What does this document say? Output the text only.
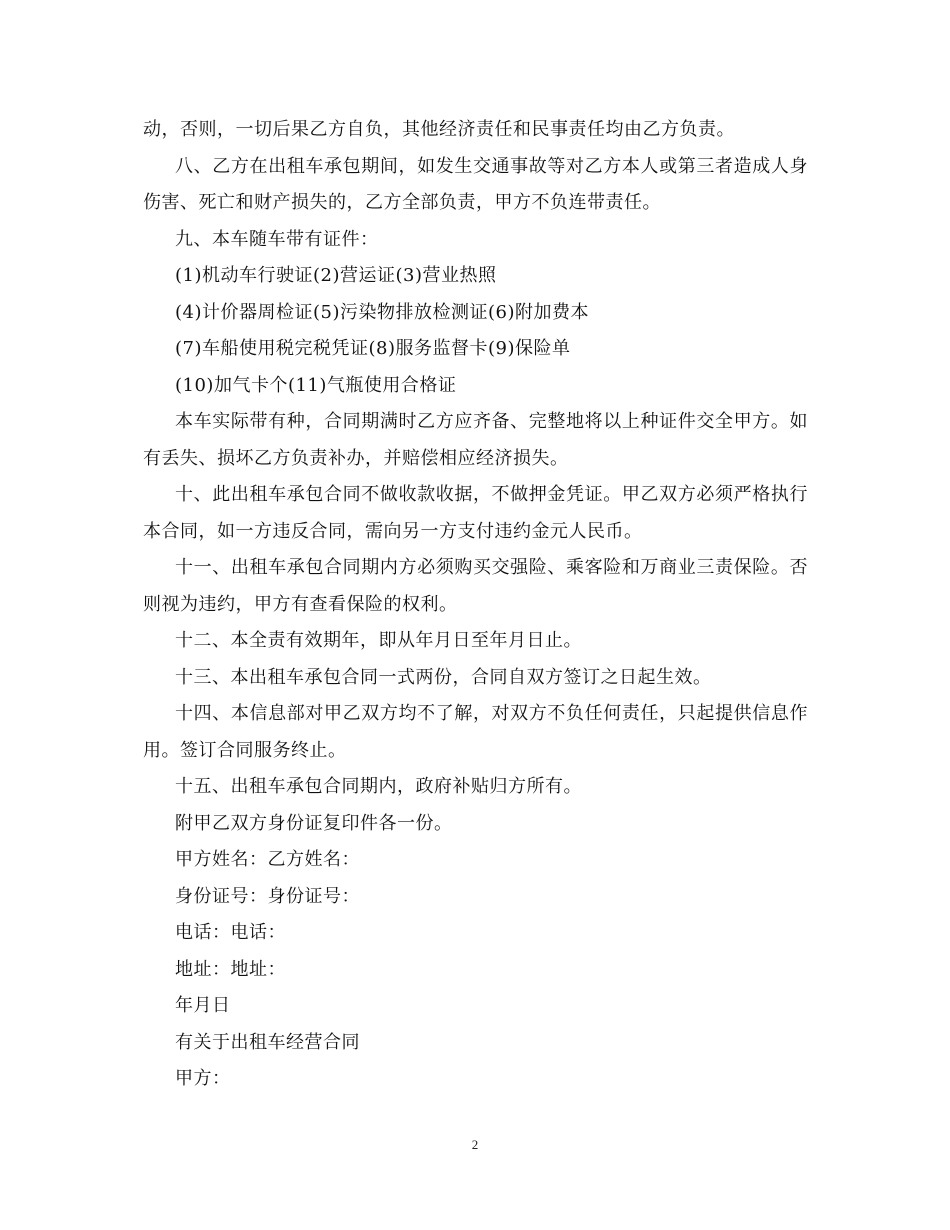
动，否则，一切后果乙方自负，其他经济责任和民事责任均由乙方负责。

八、乙方在出租车承包期间，如发生交通事故等对乙方本人或第三者造成人身伤害、死亡和财产损失的，乙方全部负责，甲方不负连带责任。

九、本车随车带有证件：

(1)机动车行驶证(2)营运证(3)营业热照

(4)计价器周检证(5)污染物排放检测证(6)附加费本

(7)车船使用税完税凭证(8)服务监督卡(9)保险单

(10)加气卡个(11)气瓶使用合格证

本车实际带有种，合同期满时乙方应齐备、完整地将以上种证件交全甲方。如有丢失、损坏乙方负责补办，并赔偿相应经济损失。

十、此出租车承包合同不做收款收据，不做押金凭证。甲乙双方必须严格执行本合同，如一方违反合同，需向另一方支付违约金元人民币。

十一、出租车承包合同期内方必须购买交强险、乘客险和万商业三责保险。否则视为违约，甲方有查看保险的权利。

十二、本全责有效期年，即从年月日至年月日止。

十三、本出租车承包合同一式两份，合同自双方签订之日起生效。

十四、本信息部对甲乙双方均不了解，对双方不负任何责任，只起提供信息作用。签订合同服务终止。

十五、出租车承包合同期内，政府补贴归方所有。

附甲乙双方身份证复印件各一份。

甲方姓名：乙方姓名：

身份证号：身份证号：

电话：电话：

地址：地址：

年月日

有关于出租车经营合同

甲方：

2
